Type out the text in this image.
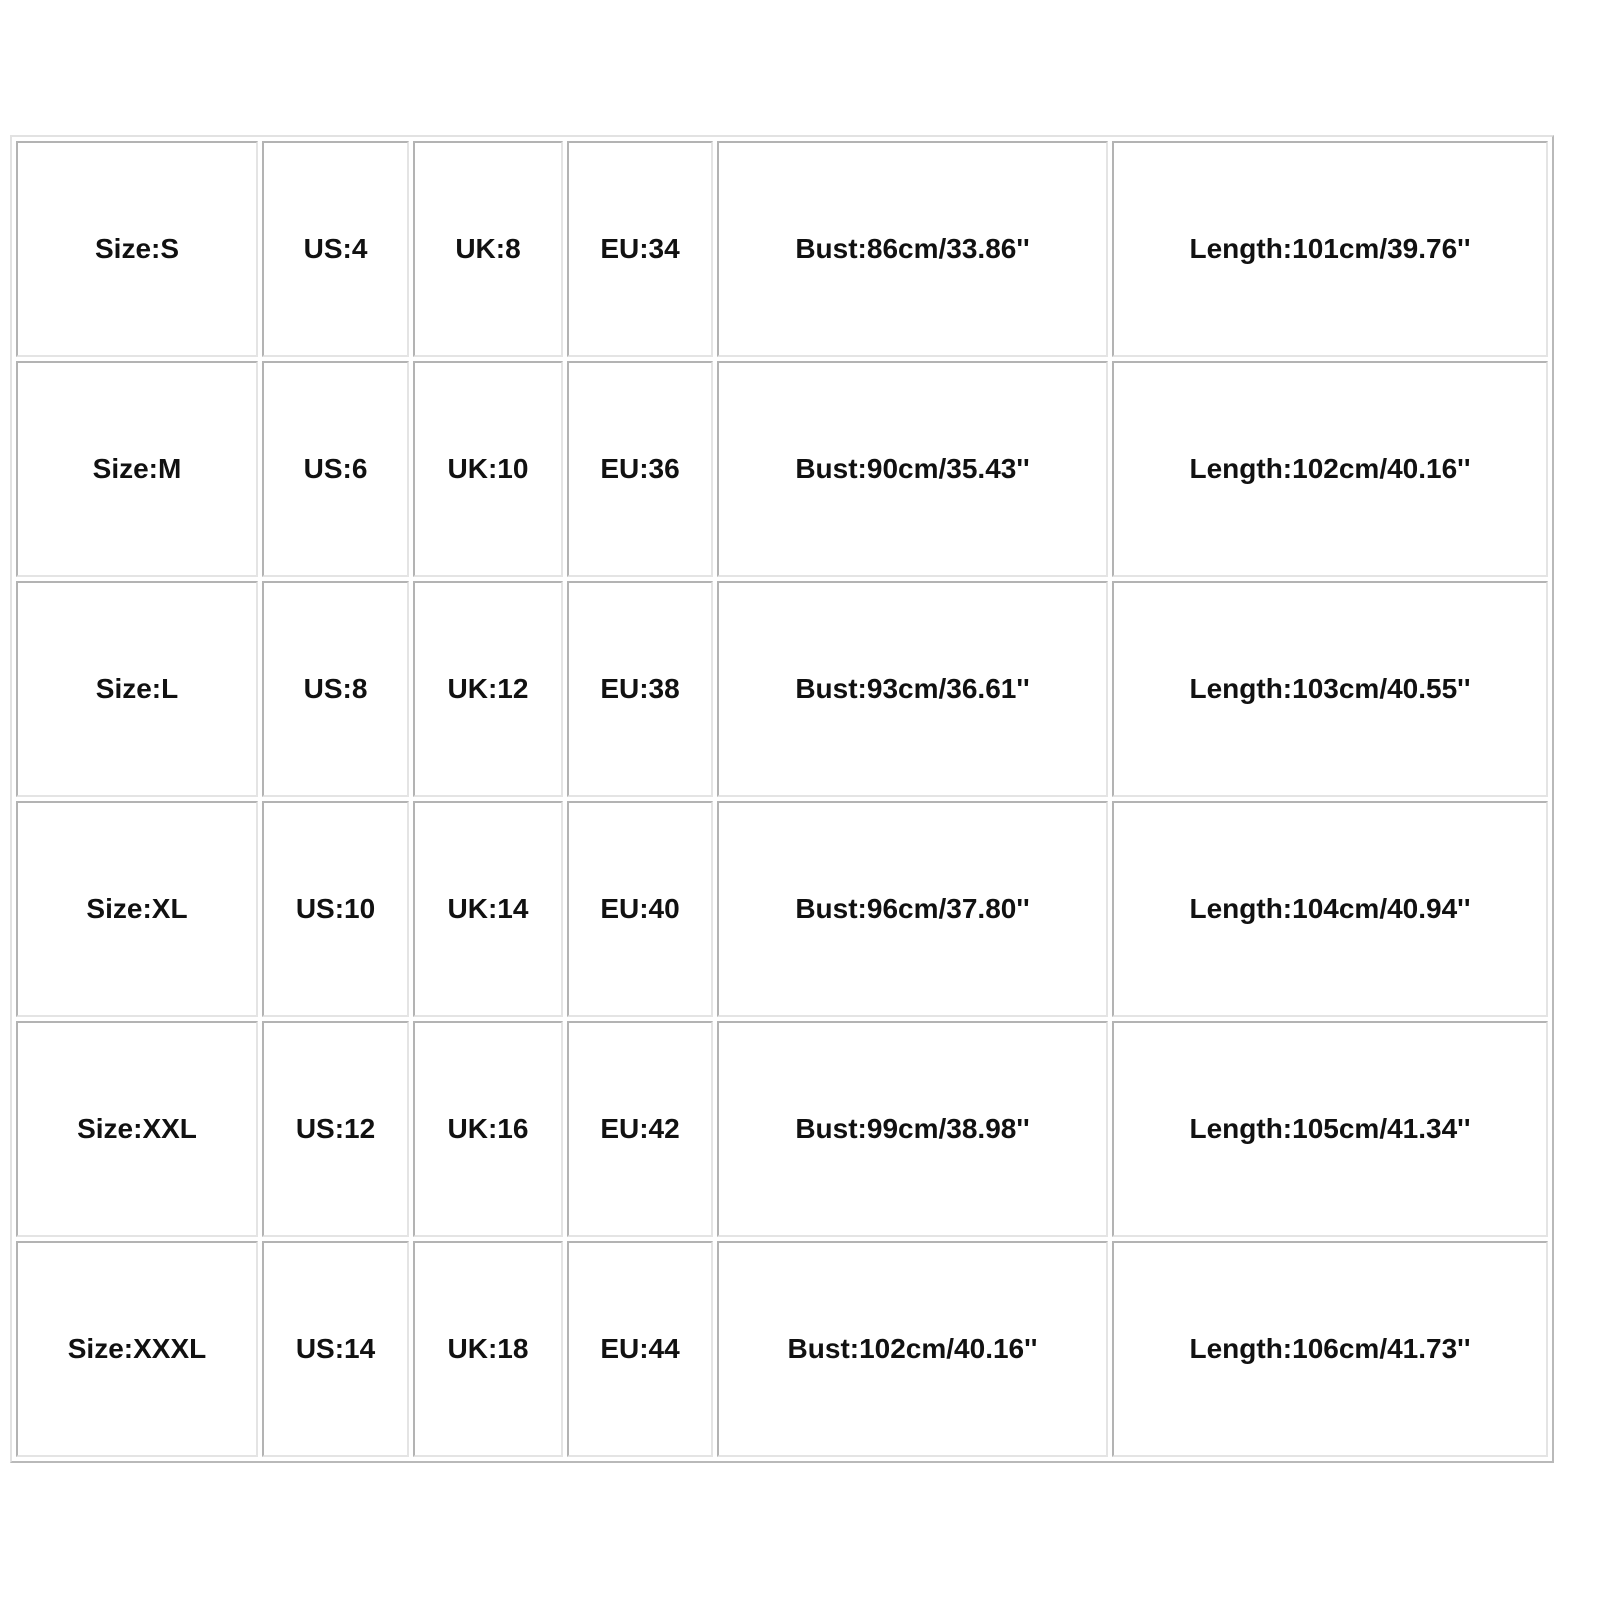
Size:S	US:4	UK:8	EU:34	Bust:86cm/33.86''	Length:101cm/39.76''
Size:M	US:6	UK:10	EU:36	Bust:90cm/35.43''	Length:102cm/40.16''
Size:L	US:8	UK:12	EU:38	Bust:93cm/36.61''	Length:103cm/40.55''
Size:XL	US:10	UK:14	EU:40	Bust:96cm/37.80''	Length:104cm/40.94''
Size:XXL	US:12	UK:16	EU:42	Bust:99cm/38.98''	Length:105cm/41.34''
Size:XXXL	US:14	UK:18	EU:44	Bust:102cm/40.16''	Length:106cm/41.73''
